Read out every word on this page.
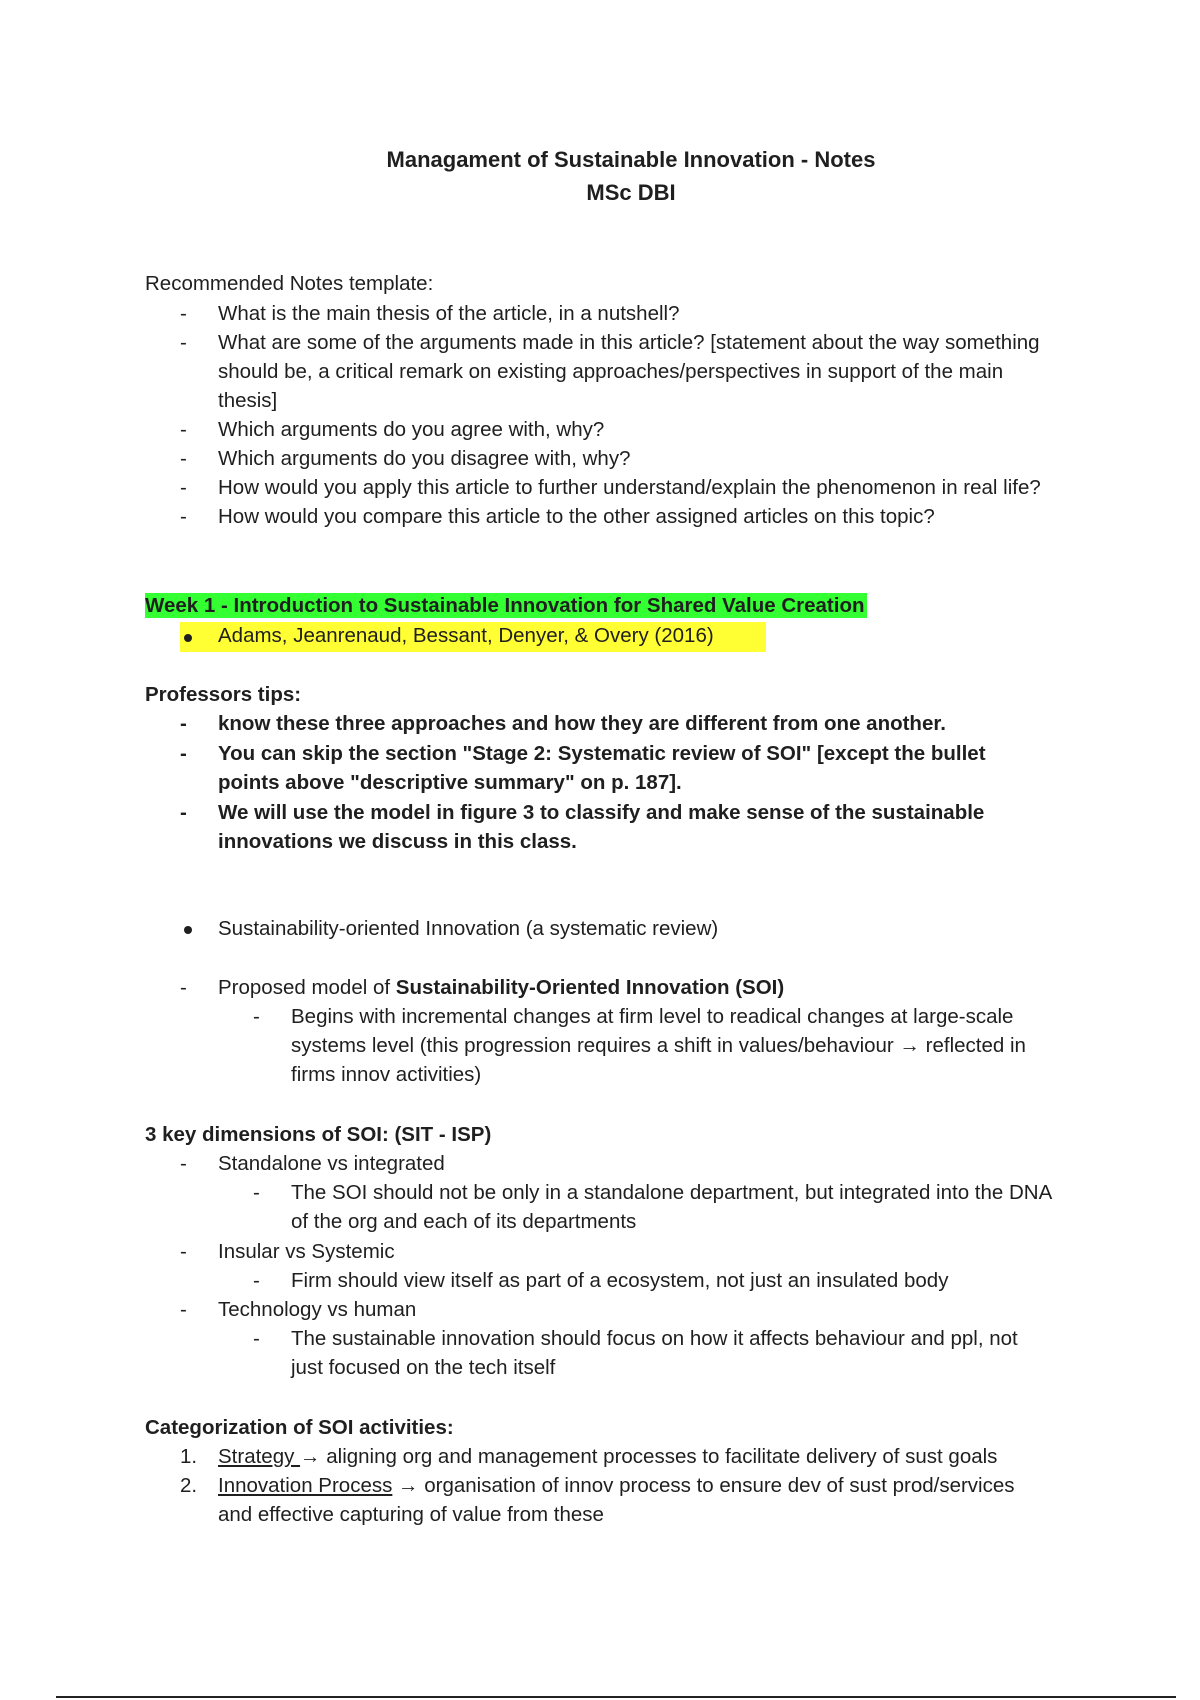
Managament of Sustainable Innovation - Notes
MSc DBI
Recommended Notes template:
- What is the main thesis of the article, in a nutshell?
- What are some of the arguments made in this article? [statement about the way something
should be, a critical remark on existing approaches/perspectives in support of the main
thesis]
- Which arguments do you agree with, why?
- Which arguments do you disagree with, why?
- How would you apply this article to further understand/explain the phenomenon in real life?
- How would you compare this article to the other assigned articles on this topic?
Week 1 - Introduction to Sustainable Innovation for Shared Value Creation
Adams, Jeanrenaud, Bessant, Denyer, & Overy (2016)
Professors tips:
- know these three approaches and how they are different from one another.
- You can skip the section "Stage 2: Systematic review of SOI" [except the bullet
points above "descriptive summary" on p. 187].
- We will use the model in figure 3 to classify and make sense of the sustainable
innovations we discuss in this class.
Sustainability-oriented Innovation (a systematic review)
- Proposed model of Sustainability-Oriented Innovation (SOI)
- Begins with incremental changes at firm level to readical changes at large-scale
systems level (this progression requires a shift in values/behaviour → reflected in
firms innov activities)
3 key dimensions of SOI: (SIT - ISP)
- Standalone vs integrated
- The SOI should not be only in a standalone department, but integrated into the DNA
of the org and each of its departments
- Insular vs Systemic
- Firm should view itself as part of a ecosystem, not just an insulated body
- Technology vs human
- The sustainable innovation should focus on how it affects behaviour and ppl, not
just focused on the tech itself
Categorization of SOI activities:
1. Strategy → aligning org and management processes to facilitate delivery of sust goals
2. Innovation Process → organisation of innov process to ensure dev of sust prod/services
and effective capturing of value from these
